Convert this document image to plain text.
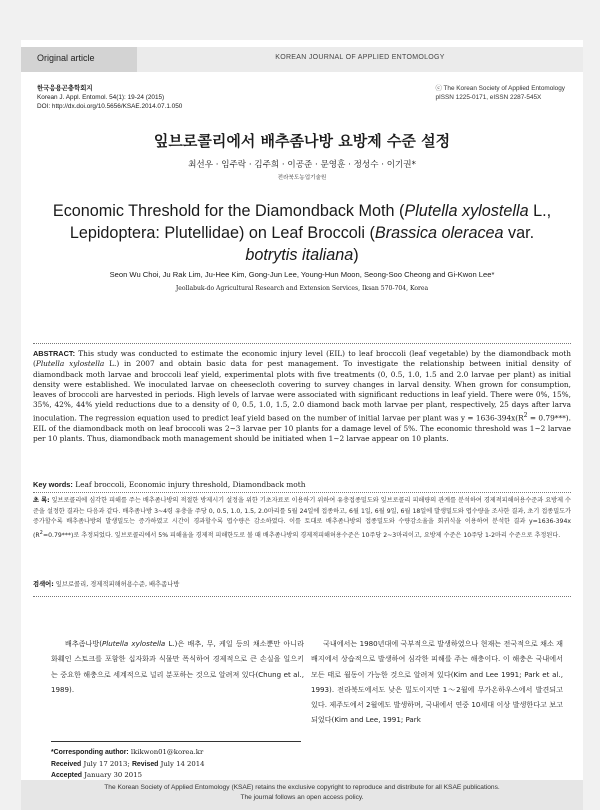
Original article	KOREAN JOURNAL OF APPLIED ENTOMOLOGY
한국응용곤충학회지
Korean J. Appl. Entomol. 54(1): 19-24 (2015)
DOI: http://dx.doi.org/10.5656/KSAE.2014.07.1.050
ⓒ The Korean Society of Applied Entomology
pISSN 1225-0171, eISSN 2287-545X
잎브로콜리에서 배추좀나방 요방제 수준 설정
최선우 · 임주락 · 김주희 · 이공준 · 문영훈 · 정성수 · 이기권*
전라북도농업기술원
Economic Threshold for the Diamondback Moth (Plutella xylostella L.,
Lepidoptera: Plutellidae) on Leaf Broccoli (Brassica oleracea var.
botrytis italiana)
Seon Wu Choi, Ju Rak Lim, Ju-Hee Kim, Gong-Jun Lee, Young-Hun Moon, Seong-Soo Cheong and Gi-Kwon Lee*
Jeollabuk-do Agricultural Research and Extension Services, Iksan 570-704, Korea
ABSTRACT: This study was conducted to estimate the economic injury level (EIL) to leaf broccoli (leaf vegetable) by the diamondback moth (Plutella xylostella L.) in 2007 and obtain basic data for pest management. To investigate the relationship between initial density of diamondback moth larvae and broccoli leaf yield, experimental plots with five treatments (0, 0.5, 1.0, 1.5 and 2.0 larvae per plant) as initial density were established. We inoculated larvae on cheesecloth covering to survey changes in larval density. When grown for consumption, leaves of broccoli are harvested in periods. High levels of larvae were associated with significant reductions in leaf yield. There were 0%, 15%, 35%, 42%, 44% yield reductions due to a density of 0, 0.5, 1.0, 1.5, 2.0 diamond back moth larvae per plant, respectively, 25 days after larva inoculation. The regression equation used to predict leaf yield based on the number of initial larvae per plant was $y = 1636-394x(R^2 = 0.79***)$. EIL of the diamondback moth on leaf broccoli was 2~3 larvae per 10 plants for a damage level of 5%. The economic threshold was 1~2 larvae per 10 plants. Thus, diamondback moth management should be initiated when 1~2 larvae appear on 10 plants.
Key words: Leaf broccoli, Economic injury threshold, Diamondback moth
초 록: 잎브로콜리에 심각한 피해를 주는 배추좀나방의 적절한 방제시기 설정을 위한 기초자료로 이용하기 위하여 유충접종밀도와 잎브로콜리 피해량의 관계를 분석하여 경제적피해허용수준과 요방제 수준을 설정한 결과는 다음과 같다. 배추좀나방 3~4령 유충을 주당 0, 0.5, 1.0, 1.5, 2.0마리를 5월 24일에 접종하고, 6월 1일, 6월 9일, 6월 18일에 발생밀도와 엽수량을 조사한 결과, 초기 접종밀도가 증가할수록 배추좀나방의 발생밀도는 증가하였고 시간이 경과할수록 엽수량은 감소하였다. 이를 토대로 배추좀나방의 접종밀도와 수량감소율을 회귀식을 이용하여 분석한 결과 y=1636-394x $(R^2=0.79***)$로 추정되었다. 잎브로콜리에서 5% 피해율을 경제적 피해한도로 볼 때 배추좀나방의 경제적피해허용수준은 10주당 2~3마리이고, 요방제 수준은 10주당 1-2마리 수준으로 추정된다.
검색어: 잎브로콜리, 경제적피해허용수준, 배추좀나방
배추좀나방(Plutella xylostella L.)은 배추, 무, 케일 등의 채소뿐만 아니라 화훼인 스토크를 포함한 십자화과 식물만 폭식하여 경제적으로 큰 손실을 일으키는 중요한 해충으로 세계적으로 널리 분포하는 것으로 알려져 있다(Chung et al., 1989).
국내에서는 1980년대에 국부적으로 발생하였으나 현재는 전국적으로 채소 재배지에서 상습적으로 발생하여 심각한 피해를 주는 해충이다. 이 해충은 국내에서 모든 태로 월동이 가능한 것으로 알려져 있다(Kim and Lee 1991; Park et al., 1993). 전라북도에서도 낮은 밀도이지만 1～2월에 무가온하우스에서 발견되고 있다. 제주도에서 2월에도 발생하며, 국내에서 연중 10세대 이상 발생한다고 보고되었다(Kim and Lee, 1991; Park
*Corresponding author: lkikwon01@korea.kr
Received July 17 2013; Revised July 14 2014
Accepted January 30 2015
The Korean Society of Applied Entomology (KSAE) retains the exclusive copyright to reproduce and distribute for all KSAE publications.
The journal follows an open access policy.
